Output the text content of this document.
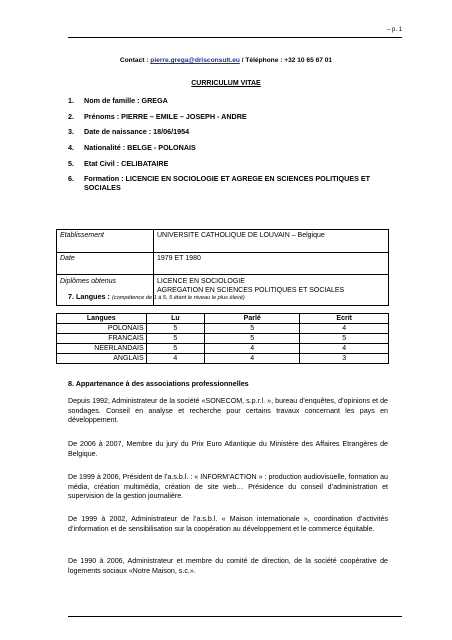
– p. 1
Contact : pierre.grega@drisconsult.eu / Téléphone : +32 10 65 67 01
CURRICULUM VITAE
1. Nom de famille : GREGA
2. Prénoms : PIERRE – EMILE – JOSEPH - ANDRE
3. Date de naissance : 18/06/1954
4. Nationalité : BELGE - POLONAIS
5. Etat Civil : CELIBATAIRE
6. Formation : LICENCIE EN SOCIOLOGIE ET AGREGE EN SCIENCES POLITIQUES ET SOCIALES
Etablissement	UNIVERSITE CATHOLIQUE DE LOUVAIN – Belgique
Date	1979 ET 1980
Diplômes obtenus	LICENCE EN SOCIOLOGIE
AGREGATION EN SCIENCES POLITIQUES ET SOCIALES
7. Langues : (compétence de 1 à 5, 5 étant le niveau le plus élevé)
Langues	Lu	Parlé	Ecrit
POLONAIS	5	5	4
FRANCAIS	5	5	5
NEERLANDAIS	5	4	4
ANGLAIS	4	4	3
8. Appartenance à des associations professionnelles

Depuis 1992, Administrateur de la société «SONECOM, s.p.r.l. », bureau d’enquêtes, d’opinions et de sondages. Conseil en analyse et recherche pour certains travaux concernant les pays en développement.

De 2006 à 2007, Membre du jury du Prix Euro Atlantique du Ministère des Affaires Etrangères de Belgique.

De 1999 à 2006, Président de l’a.s.b.l. : « INFORM’ACTION » : production audiovisuelle, formation au média, création multimédia, création de site web… Présidence du conseil d’administration et supervision de la gestion journalière.

De 1999 à 2002, Administrateur de l’a.s.b.l. « Maison internationale », coordination d’activités d’information et de sensibilisation sur la coopération au développement et le commerce équitable.

De 1990 à 2006, Administrateur et membre du comité de direction, de la société coopérative de logements sociaux «Notre Maison, s.c.».
